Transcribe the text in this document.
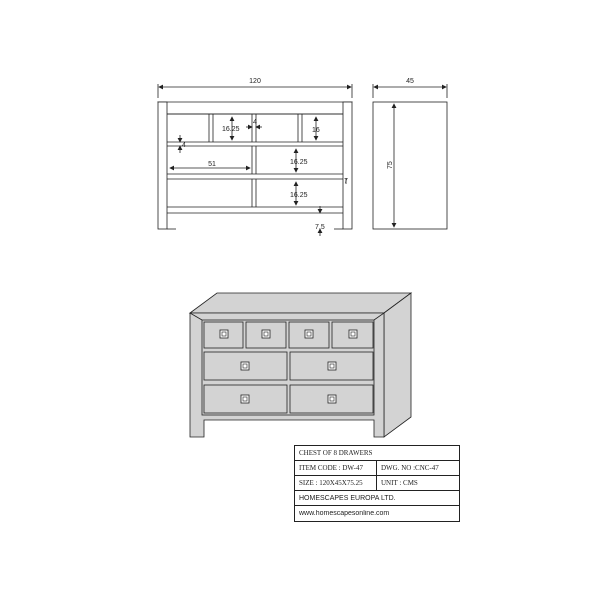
120
16.25
4
16
4
51	16.25
16.25
7
7.5
45
75
CHEST OF 8 DRAWERS
ITEM CODE : DW-47	DWG. NO :CNC-47
SIZE : 120X45X75.25	UNIT : CMS
HOMESCAPES EUROPA LTD.
www.homescapesonline.com
